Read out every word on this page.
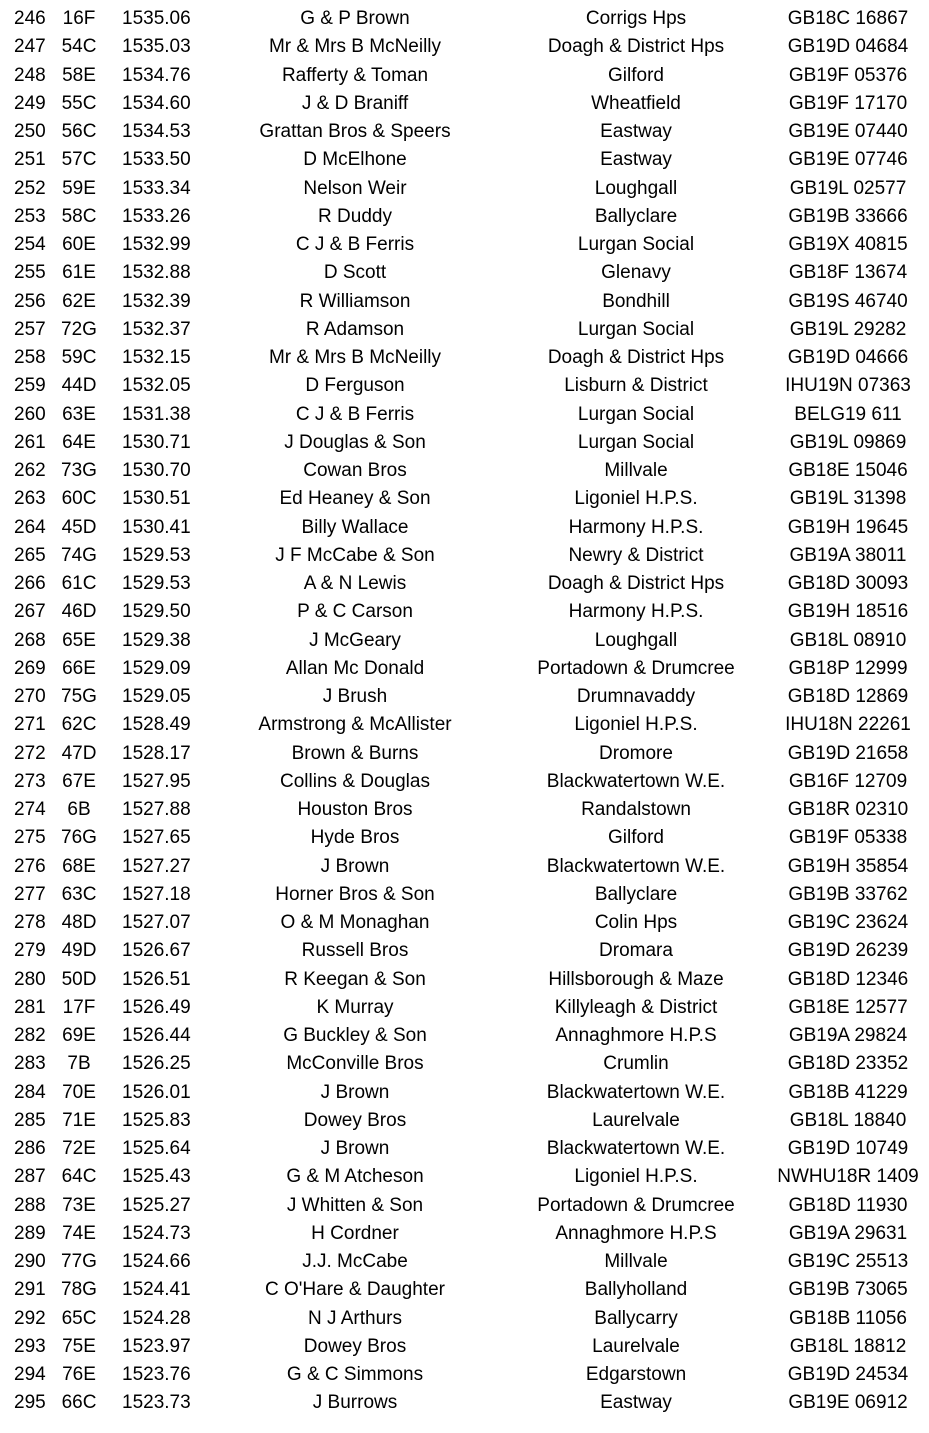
246 16F	1535.06	G & P Brown	Corrigs Hps	GB18C 16867
247 54C	1535.03	Mr & Mrs B McNeilly	Doagh & District Hps	GB19D 04684
248 58E	1534.76	Rafferty & Toman	Gilford	GB19F 05376
249 55C	1534.60	J & D Braniff	Wheatfield	GB19F 17170
250 56C	1534.53	Grattan Bros & Speers	Eastway	GB19E 07440
251 57C	1533.50	D McElhone	Eastway	GB19E 07746
252 59E	1533.34	Nelson Weir	Loughgall	GB19L 02577
253 58C	1533.26	R Duddy	Ballyclare	GB19B 33666
254 60E	1532.99	C J & B Ferris	Lurgan Social	GB19X 40815
255 61E	1532.88	D Scott	Glenavy	GB18F 13674
256 62E	1532.39	R Williamson	Bondhill	GB19S 46740
257 72G	1532.37	R Adamson	Lurgan Social	GB19L 29282
258 59C	1532.15	Mr & Mrs B McNeilly	Doagh & District Hps	GB19D 04666
259 44D	1532.05	D Ferguson	Lisburn & District	IHU19N 07363
260 63E	1531.38	C J & B Ferris	Lurgan Social	BELG19 611
261 64E	1530.71	J Douglas & Son	Lurgan Social	GB19L 09869
262 73G	1530.70	Cowan Bros	Millvale	GB18E 15046
263 60C	1530.51	Ed Heaney & Son	Ligoniel H.P.S.	GB19L 31398
264 45D	1530.41	Billy Wallace	Harmony H.P.S.	GB19H 19645
265 74G	1529.53	J F McCabe & Son	Newry & District	GB19A 38011
266 61C	1529.53	A & N Lewis	Doagh & District Hps	GB18D 30093
267 46D	1529.50	P & C Carson	Harmony H.P.S.	GB19H 18516
268 65E	1529.38	J McGeary	Loughgall	GB18L 08910
269 66E	1529.09	Allan Mc Donald	Portadown & Drumcree	GB18P 12999
270 75G	1529.05	J Brush	Drumnavaddy	GB18D 12869
271 62C	1528.49	Armstrong & McAllister	Ligoniel H.P.S.	IHU18N 22261
272 47D	1528.17	Brown & Burns	Dromore	GB19D 21658
273 67E	1527.95	Collins & Douglas	Blackwatertown W.E.	GB16F 12709
274	6B	1527.88	Houston Bros	Randalstown	GB18R 02310
275 76G	1527.65	Hyde Bros	Gilford	GB19F 05338
276 68E	1527.27	J Brown	Blackwatertown W.E.	GB19H 35854
277 63C	1527.18	Horner Bros & Son	Ballyclare	GB19B 33762
278 48D	1527.07	O & M Monaghan	Colin Hps	GB19C 23624
279 49D	1526.67	Russell Bros	Dromara	GB19D 26239
280 50D	1526.51	R Keegan & Son	Hillsborough & Maze	GB18D 12346
281 17F	1526.49	K Murray	Killyleagh & District	GB18E 12577
282 69E	1526.44	G Buckley & Son	Annaghmore H.P.S	GB19A 29824
283	7B	1526.25	McConville Bros	Crumlin	GB18D 23352
284 70E	1526.01	J Brown	Blackwatertown W.E.	GB18B 41229
285 71E	1525.83	Dowey Bros	Laurelvale	GB18L 18840
286 72E	1525.64	J Brown	Blackwatertown W.E.	GB19D 10749
287 64C	1525.43	G & M Atcheson	Ligoniel H.P.S.	NWHU18R 1409
288 73E	1525.27	J Whitten & Son	Portadown & Drumcree	GB18D 11930
289 74E	1524.73	H Cordner	Annaghmore H.P.S	GB19A 29631
290 77G	1524.66	J.J. McCabe	Millvale	GB19C 25513
291 78G	1524.41	C O'Hare & Daughter	Ballyholland	GB19B 73065
292 65C	1524.28	N J Arthurs	Ballycarry	GB18B 11056
293 75E	1523.97	Dowey Bros	Laurelvale	GB18L 18812
294 76E	1523.76	G & C Simmons	Edgarstown	GB19D 24534
295 66C	1523.73	J Burrows	Eastway	GB19E 06912
